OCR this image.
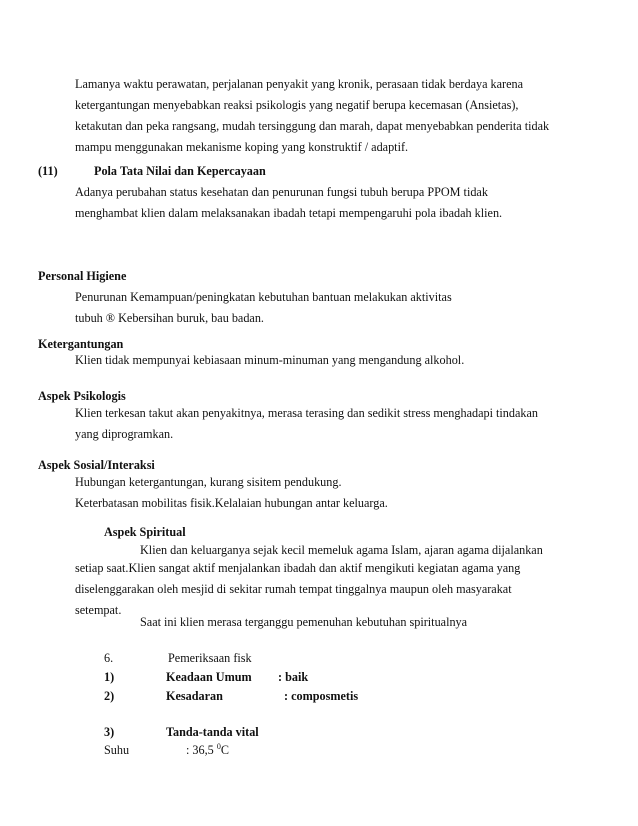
Lamanya waktu perawatan, perjalanan penyakit yang kronik, perasaan tidak berdaya karena
ketergantungan menyebabkan reaksi psikologis yang negatif berupa kecemasan (Ansietas),
ketakutan dan peka rangsang, mudah tersinggung dan marah, dapat menyebabkan penderita tidak
mampu menggunakan mekanisme koping yang konstruktif / adaptif.
(11)	Pola Tata Nilai dan Kepercayaan
Adanya perubahan status kesehatan dan penurunan fungsi tubuh berupa PPOM tidak
menghambat klien dalam melaksanakan ibadah tetapi mempengaruhi pola ibadah klien.
Personal Higiene
Penurunan Kemampuan/peningkatan kebutuhan bantuan melakukan aktivitas
tubuh ® Kebersihan buruk, bau badan.
Ketergantungan
Klien tidak mempunyai kebiasaan minum-minuman yang mengandung alkohol.
Aspek Psikologis
Klien terkesan takut akan penyakitnya, merasa terasing dan sedikit stress menghadapi tindakan
yang diprogramkan.
Aspek Sosial/Interaksi
Hubungan ketergantungan, kurang sisitem pendukung.
Keterbatasan mobilitas fisik.Kelalaian hubungan antar keluarga.
Aspek Spiritual
Klien dan keluarganya sejak kecil memeluk agama Islam, ajaran agama dijalankan
setiap saat.Klien sangat aktif menjalankan ibadah dan aktif mengikuti kegiatan agama yang
diselenggarakan oleh mesjid di sekitar rumah tempat tinggalnya maupun oleh masyarakat
setempat.
Saat ini klien merasa terganggu pemenuhan kebutuhan spiritualnya
6.	Pemeriksaan fisk
1)	Keadaan Umum : baik
2)	Kesadaran	: composmetis
3)	Tanda-tanda vital
Suhu	: 36,5 $^0$C
